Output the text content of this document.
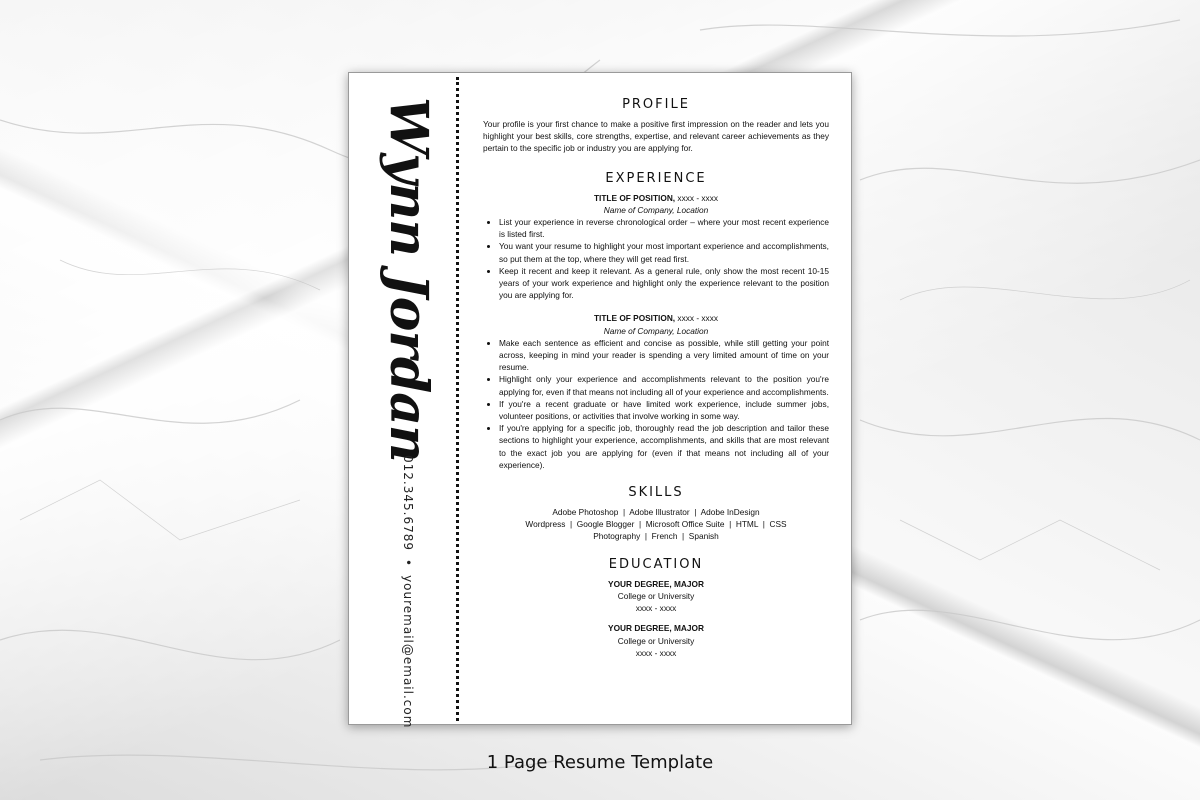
Wynn Jordan
012.345.6789•youremail@email.com
PROFILE

Your profile is your first chance to make a positive first impression on the reader and lets you highlight your best skills, core strengths, expertise, and relevant career achievements as they pertain to the specific job or industry you are applying for.

EXPERIENCE
TITLE OF POSITION, xxxx - xxxx
Name of Company, Location
• List your experience in reverse chronological order – where your most recent experience is listed first.
• You want your resume to highlight your most important experience and accomplishments, so put them at the top, where they will get read first.
• Keep it recent and keep it relevant. As a general rule, only show the most recent 10-15 years of your work experience and highlight only the experience relevant to the position you are applying for.
TITLE OF POSITION, xxxx - xxxx
Name of Company, Location
• Make each sentence as efficient and concise as possible, while still getting your point across, keeping in mind your reader is spending a very limited amount of time on your resume.
• Highlight only your experience and accomplishments relevant to the position you're applying for, even if that means not including all of your experience and accomplishments.
• If you're a recent graduate or have limited work experience, include summer jobs, volunteer positions, or activities that involve working in some way.
• If you're applying for a specific job, thoroughly read the job description and tailor these sections to highlight your experience, accomplishments, and skills that are most relevant to the exact job you are applying for (even if that means not including all of your experience).
SKILLS
Adobe Photoshop  |  Adobe Illustrator  |  Adobe InDesign
Wordpress  |  Google Blogger  |  Microsoft Office Suite  |  HTML  |  CSS
Photography  |  French  |  Spanish
EDUCATION
YOUR DEGREE, MAJOR
College or University
xxxx - xxxx
YOUR DEGREE, MAJOR
College or University
xxxx - xxxx
1 Page Resume Template
